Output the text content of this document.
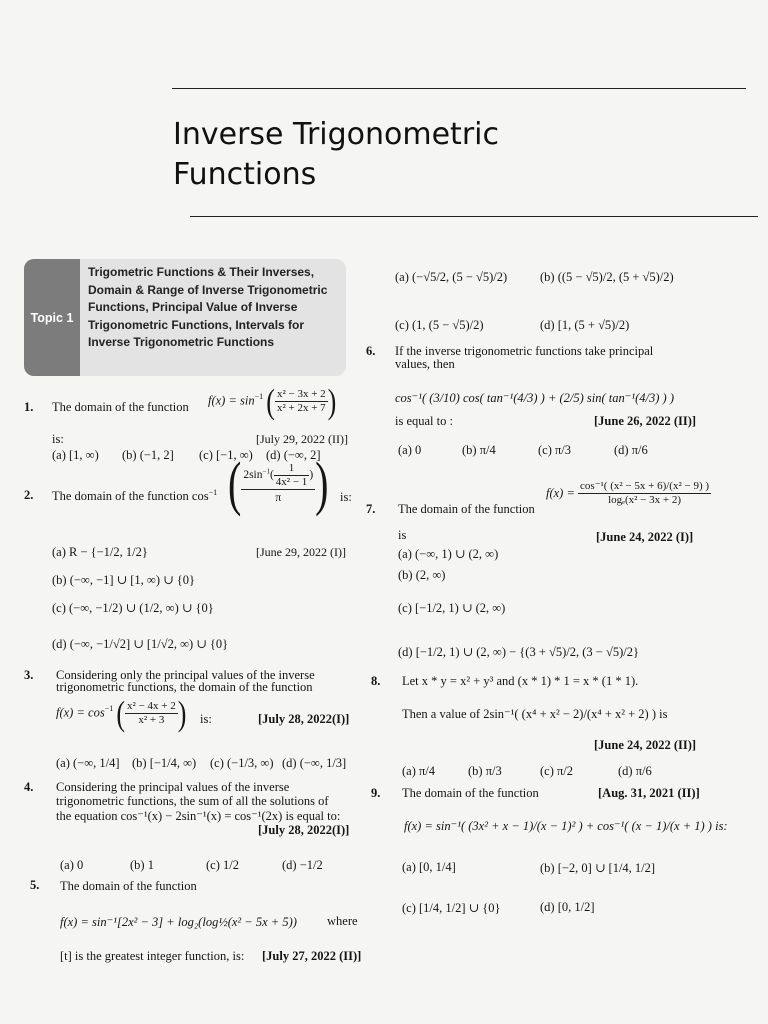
Inverse Trigonometric
Functions
Topic 1
Trigometric Functions & Their Inverses, Domain & Range of Inverse Trigonometric Functions, Principal Value of Inverse Trigonometric Functions, Intervals for Inverse Trigonometric Functions
1. The domain of the function $f(x) = \sin^{-1}$ ( $\frac{\text{x² − 3x + 2}}{\text{x² + 2x + 7}}$ )
is:	[July 29, 2022 (II)]
(a) [1, ∞) (b) (−1, 2] (c) [−1, ∞) (d) (−∞, 2]
2. The domain of the function $\cos^{-1}$ ( $\frac{2\sin^{-1}( \frac{1}{\text{4x² − 1}} )}{\pi}$ ) is:
(a) R − {−1/2, 1/2}	[June 29, 2022 (I)]
(b) (−∞, −1] ∪ [1, ∞) ∪ {0}
(c) (−∞, −1/2) ∪ (1/2, ∞) ∪ {0}
(d) (−∞, −1/√2] ∪ [1/√2, ∞) ∪ {0}
3. Considering only the principal values of the inverse
trigonometric functions, the domain of the function
$f(x) = \cos^{-1}$ ( $\frac{\text{x² − 4x + 2}}{\text{x² + 3}}$ ) is:	[July 28, 2022(I)]
(a) (−∞, 1/4] (b) [−1/4, ∞) (c) (−1/3, ∞) (d) (−∞, 1/3]
4. Considering the principal values of the inverse
trigonometric functions, the sum of all the solutions of
the equation cos⁻¹(x) − 2sin⁻¹(x) = cos⁻¹(2x) is equal to:
[July 28, 2022(I)]
(a) 0	(b) 1	(c) 1/2	(d) −1/2
5. The domain of the function
f(x) = sin⁻¹[2x² − 3] + log₂(log½(x² − 5x + 5)) where
[t] is the greatest integer function, is: [July 27, 2022 (II)]
(a) (−√5/2, (5 − √5)/2)	(b) ((5 − √5)/2, (5 + √5)/2)
(c) (1, (5 − √5)/2)	(d) [1, (5 + √5)/2)
6. If the inverse trigonometric functions take principal
values, then
cos⁻¹( (3/10) cos( tan⁻¹(4/3) ) + (2/5) sin( tan⁻¹(4/3) ) )
is equal to :	[June 26, 2022 (II)]
(a) 0	(b) π/4	(c) π/3	(d) π/6
7. The domain of the function
$f(x) = \frac{\text{cos⁻¹( (x² − 5x + 6)/(x² − 9) )}}{\text{logₑ(x² − 3x + 2)}}$
is	[June 24, 2022 (I)]
(a) (−∞, 1) ∪ (2, ∞)
(b) (2, ∞)
(c) [−1/2, 1) ∪ (2, ∞)
(d) [−1/2, 1) ∪ (2, ∞) − {(3 + √5)/2, (3 − √5)/2}
8. Let x * y = x² + y³ and (x * 1) * 1 = x * (1 * 1).
Then a value of 2sin⁻¹( (x⁴ + x² − 2)/(x⁴ + x² + 2) ) is
[June 24, 2022 (II)]
(a) π/4	(b) π/3	(c) π/2	(d) π/6
9. The domain of the function	[Aug. 31, 2021 (II)]
f(x) = sin⁻¹( (3x² + x − 1)/(x − 1)² ) + cos⁻¹( (x − 1)/(x + 1) ) is:
(a) [0, 1/4]	(b) [−2, 0] ∪ [1/4, 1/2]
(c) [1/4, 1/2] ∪ {0}	(d) [0, 1/2]
